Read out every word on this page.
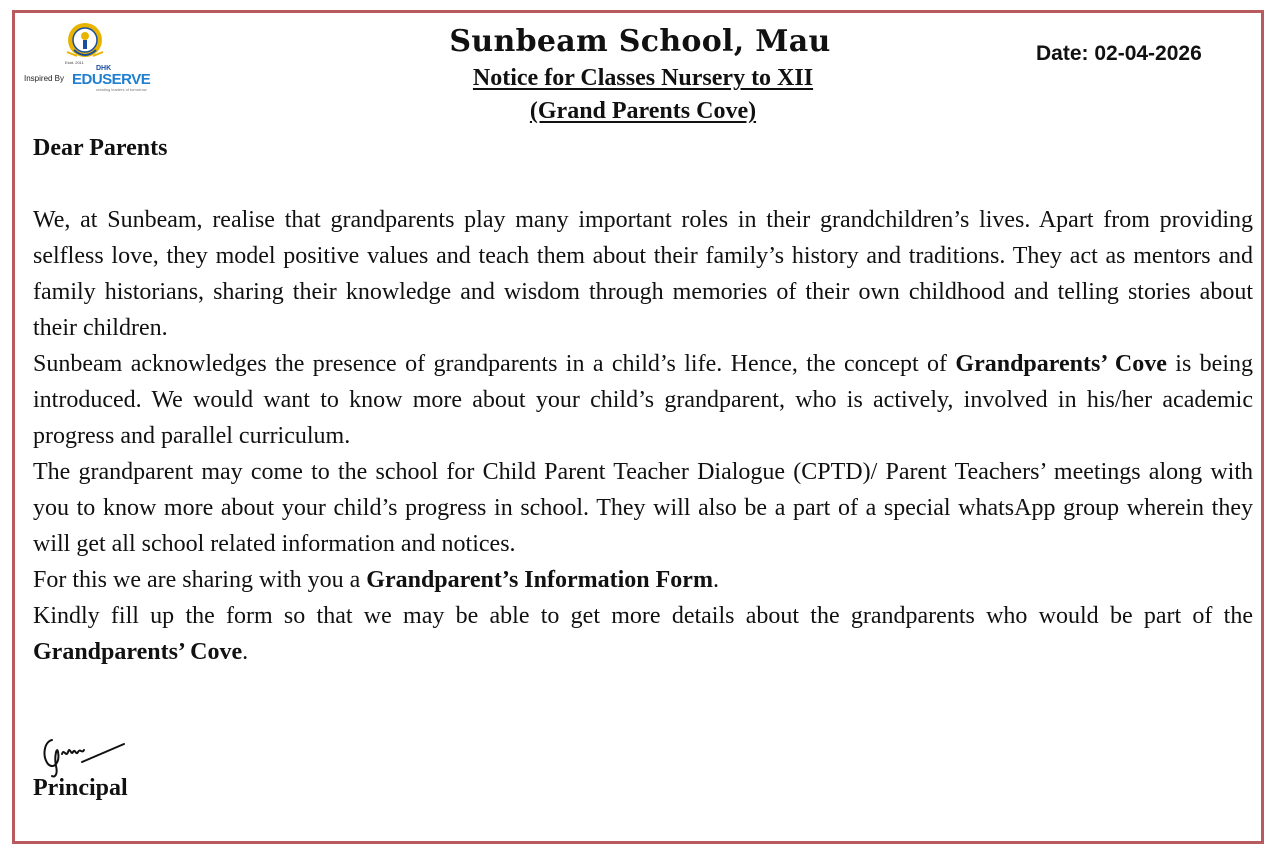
Estd. 2011
Inspired By
DHK
EDUSERVE
creating leaders of tomorrow
Sunbeam School, Mau
Notice for Classes Nursery to XII
(Grand Parents Cove)
Date: 02-04-2026
Dear Parents

We, at Sunbeam, realise that grandparents play many important roles in their grandchildren’s lives. Apart from providing selfless love, they model positive values and teach them about their family’s history and traditions. They act as mentors and family historians, sharing their knowledge and wisdom through memories of their own childhood and telling stories about their children.

Sunbeam acknowledges the presence of grandparents in a child’s life. Hence, the concept of Grandparents’ Cove is being introduced. We would want to know more about your child’s grandparent, who is actively, involved in his/her academic progress and parallel curriculum.

The grandparent may come to the school for Child Parent Teacher Dialogue (CPTD)/ Parent Teachers’ meetings along with you to know more about your child’s progress in school. They will also be a part of a special whatsApp group wherein they will get all school related information and notices.

For this we are sharing with you a Grandparent’s Information Form.

Kindly fill up the form so that we may be able to get more details about the grandparents who would be part of the Grandparents’ Cove.

Principal
